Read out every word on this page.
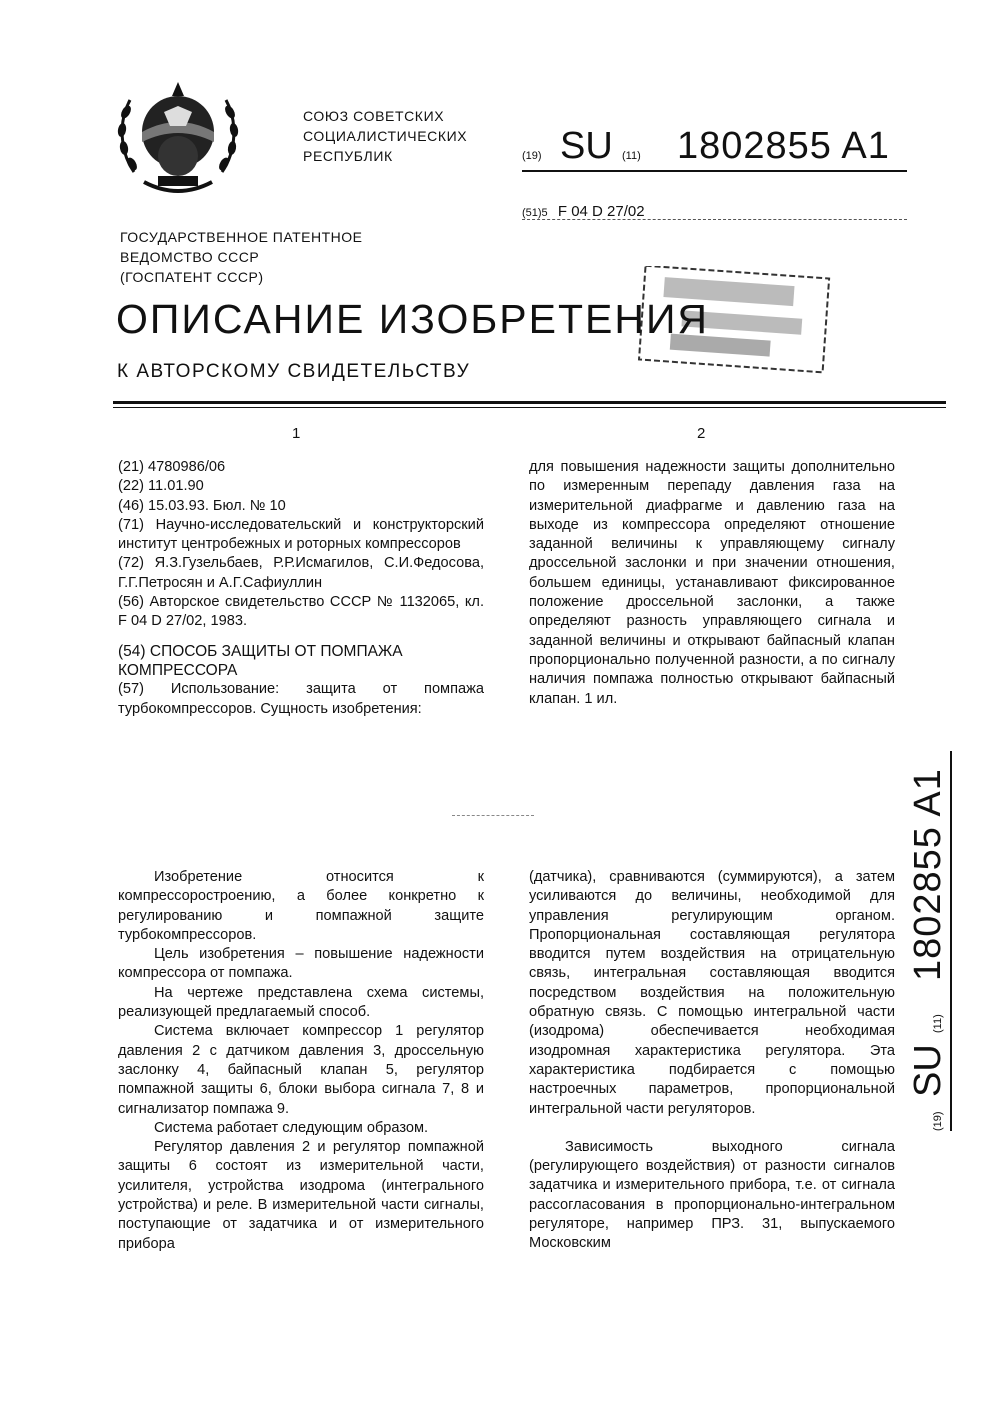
СОЮЗ СОВЕТСКИХ
СОЦИАЛИСТИЧЕСКИХ
РЕСПУБЛИК	(19) SU (11) 1802855 A1
(51)5 F 04 D 27/02
ГОСУДАРСТВЕННОЕ ПАТЕНТНОЕ
ВЕДОМСТВО СССР
(ГОСПАТЕНТ СССР)
ОПИСАНИЕ ИЗОБРЕТЕНИЯ
К АВТОРСКОМУ СВИДЕТЕЛЬСТВУ
1	2

(21) 4780986/06

(22) 11.01.90

(46) 15.03.93. Бюл. № 10

(71) Научно-исследовательский и конструкторский институт центробежных и роторных компрессоров

(72) Я.З.Гузельбаев, Р.Р.Исмагилов, С.И.Федосова, Г.Г.Петросян и А.Г.Сафиуллин

(56) Авторское свидетельство СССР № 1132065, кл. F 04 D 27/02, 1983.

(54) СПОСОБ ЗАЩИТЫ ОТ ПОМПАЖА КОМПРЕССОРА

(57) Использование: защита от помпажа турбокомпрессоров. Сущность изобретения:

для повышения надежности защиты дополнительно по измеренным перепаду давления газа на измерительной диафрагме и давлению газа на выходе из компрессора определяют отношение заданной величины к управляющему сигналу дроссельной заслонки и при значении отношения, большем единицы, устанавливают фиксированное положение дроссельной заслонки, а также определяют разность управляющего сигнала и заданной величины и открывают байпасный клапан пропорционально полученной разности, а по сигналу наличия помпажа полностью открывают байпасный клапан. 1 ил.

Изобретение относится к компрессоростроению, а более конкретно к регулированию и помпажной защите турбокомпрессоров.

Цель изобретения – повышение надежности компрессора от помпажа.

На чертеже представлена схема системы, реализующей предлагаемый способ.

Система включает компрессор 1 регулятор давления 2 с датчиком давления 3, дроссельную заслонку 4, байпасный клапан 5, регулятор помпажной защиты 6, блоки выбора сигнала 7, 8 и сигнализатор помпажа 9.

Система работает следующим образом.

Регулятор давления 2 и регулятор помпажной защиты 6 состоят из измерительной части, усилителя, устройства изодрома (интегрального устройства) и реле. В измерительной части сигналы, поступающие от задатчика и от измерительного прибора

(датчика), сравниваются (суммируются), а затем усиливаются до величины, необходимой для управления регулирующим органом. Пропорциональная составляющая регулятора вводится путем воздействия на отрицательную связь, интегральная составляющая вводится посредством воздействия на положительную обратную связь. С помощью интегральной части (изодрома) обеспечивается необходимая изодромная характеристика регулятора. Эта характеристика подбирается с помощью настроечных параметров, пропорциональной интегральной части регуляторов.

Зависимость выходного сигнала (регулирующего воздействия) от разности сигналов задатчика и измерительного прибора, т.е. от сигнала рассогласования в пропорционально-интегральном регуляторе, например ПРЗ. 31, выпускаемого Московским

(19)
SU
(11)
1802855 A1
